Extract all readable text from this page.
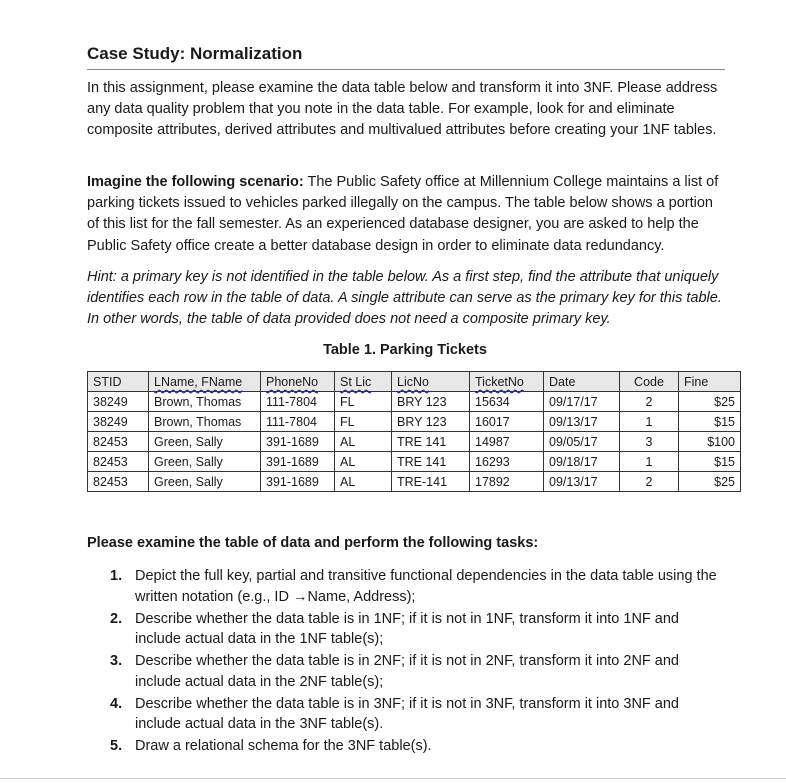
Case Study: Normalization

In this assignment, please examine the data table below and transform it into 3NF. Please address any data quality problem that you note in the data table. For example, look for and eliminate composite attributes, derived attributes and multivalued attributes before creating your 1NF tables.

Imagine the following scenario: The Public Safety office at Millennium College maintains a list of parking tickets issued to vehicles parked illegally on the campus. The table below shows a portion of this list for the fall semester. As an experienced database designer, you are asked to help the Public Safety office create a better database design in order to eliminate data redundancy.

Hint: a primary key is not identified in the table below. As a first step, find the attribute that uniquely identifies each row in the table of data. A single attribute can serve as the primary key for this table. In other words, the table of data provided does not need a composite primary key.

Table 1. Parking Tickets
STID	LName, FName	PhoneNo	St Lic	LicNo	TicketNo	Date	Code	Fine
38249	Brown, Thomas	111-7804	FL	BRY 123	15634	09/17/17	2	$25
38249	Brown, Thomas	111-7804	FL	BRY 123	16017	09/13/17	1	$15
82453	Green, Sally	391-1689	AL	TRE 141	14987	09/05/17	3	$100
82453	Green, Sally	391-1689	AL	TRE 141	16293	09/18/17	1	$15
82453	Green, Sally	391-1689	AL	TRE-141	17892	09/13/17	2	$25
Please examine the table of data and perform the following tasks:
1. Depict the full key, partial and transitive functional dependencies in the data table using the written notation (e.g., ID →Name, Address);
2. Describe whether the data table is in 1NF; if it is not in 1NF, transform it into 1NF and include actual data in the 1NF table(s);
3. Describe whether the data table is in 2NF; if it is not in 2NF, transform it into 2NF and include actual data in the 2NF table(s);
4. Describe whether the data table is in 3NF; if it is not in 3NF, transform it into 3NF and include actual data in the 3NF table(s).
5. Draw a relational schema for the 3NF table(s).
